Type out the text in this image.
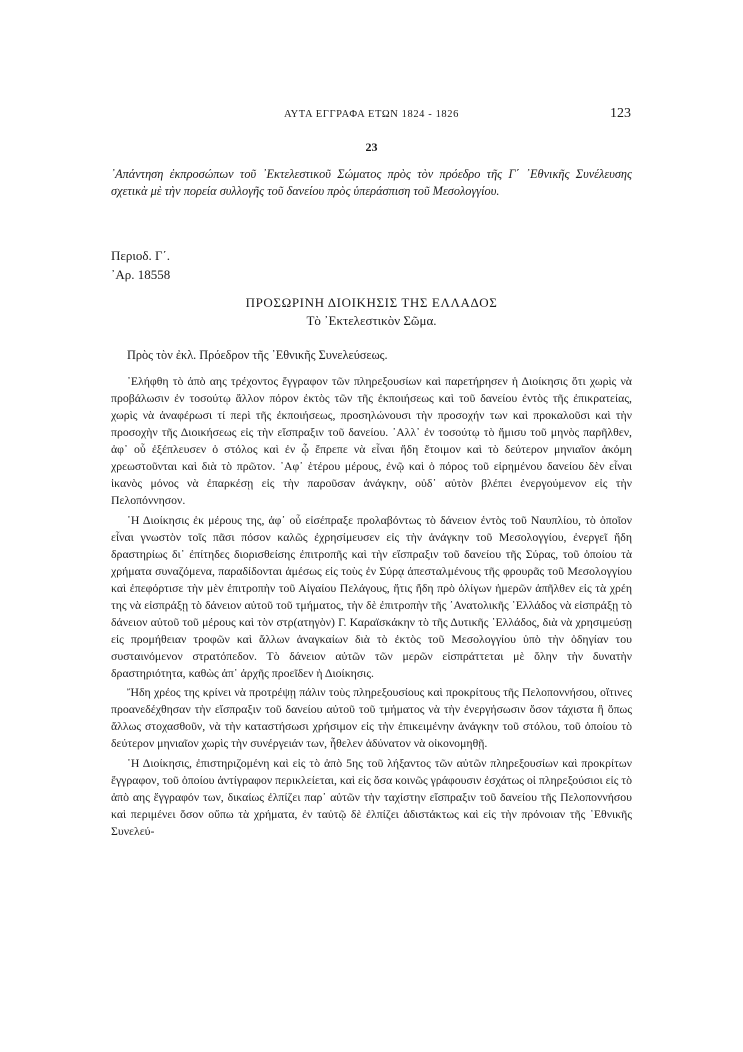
ΑΥΤΑ ΕΓΓΡΑΦΑ ΕΤΩΝ 1824 - 1826	123
23
᾿Απάντηση ἐκπροσώπων τοῦ ᾿Εκτελεστικοῦ Σώματος πρὸς τὸν πρόεδρο τῆς Γ΄ ᾿Εθνικῆς Συνέλευσης σχετικὰ μὲ τὴν πορεία συλλογῆς τοῦ δανείου πρὸς ὑπεράσπιση τοῦ Μεσολογγίου.
Περιοδ. Γ΄.
᾿Αρ. 18558
ΠΡΟΣΩΡΙΝΗ ΔΙΟΙΚΗΣΙΣ ΤΗΣ ΕΛΛΑΔΟΣ
Τὸ ᾿Εκτελεστικὸν Σῶμα.
Πρὸς τὸν ἐκλ. Πρόεδρον τῆς ᾿Εθνικῆς Συνελεύσεως.

᾿Ελήφθη τὸ ἀπὸ αης τρέχοντος ἔγγραφον τῶν πληρεξουσίων καὶ παρετήρησεν ἡ Διοίκησις ὅτι χωρὶς νὰ προβάλωσιν ἐν τοσούτῳ ἄλλον πόρον ἐκτὸς τῶν τῆς ἐκποιήσεως καὶ τοῦ δανείου ἐντὸς τῆς ἐπικρατείας, χωρὶς νὰ ἀναφέρωσι τί περὶ τῆς ἐκποιήσεως, προσηλώνουσι τὴν προσοχήν των καὶ προκαλοῦσι καὶ τὴν προσοχὴν τῆς Διοικήσεως εἰς τὴν εἴσπραξιν τοῦ δανείου. ᾿Αλλ᾿ ἐν τοσούτῳ τὸ ἥμισυ τοῦ μηνὸς παρῆλθεν, ἀφ᾿ οὗ ἐξέπλευσεν ὁ στόλος καὶ ἐν ᾧ ἔπρεπε νὰ εἶναι ἤδη ἕτοιμον καὶ τὸ δεύτερον μηνιαῖον ἀκόμη χρεωστοῦνται καὶ διὰ τὸ πρῶτον. ᾿Αφ᾿ ἑτέρου μέρους, ἐνῷ καὶ ὁ πόρος τοῦ εἰρημένου δανείου δὲν εἶναι ἱκανὸς μόνος νὰ ἐπαρκέσῃ εἰς τὴν παροῦσαν ἀνάγκην, οὐδ᾿ αὐτὸν βλέπει ἐνεργούμενον εἰς τὴν Πελοπόννησον.

῾Η Διοίκησις ἐκ μέρους της, ἀφ᾿ οὗ εἰσέπραξε προλαβόντως τὸ δάνειον ἐντὸς τοῦ Ναυπλίου, τὸ ὁποῖον εἶναι γνωστὸν τοῖς πᾶσι πόσον καλῶς ἐχρησίμευσεν εἰς τὴν ἀνάγκην τοῦ Μεσολογγίου, ἐνεργεῖ ἤδη δραστηρίως δι᾿ ἐπίτηδες διορισθείσης ἐπιτροπῆς καὶ τὴν εἴσπραξιν τοῦ δανείου τῆς Σύρας, τοῦ ὁποίου τὰ χρήματα συναζόμενα, παραδίδονται ἀμέσως εἰς τοὺς ἐν Σύρᾳ ἀπεσταλμένους τῆς φρουρᾶς τοῦ Μεσολογγίου καὶ ἐπεφόρτισε τὴν μὲν ἐπιτροπὴν τοῦ Αἰγαίου Πελάγους, ἥτις ἤδη πρὸ ὀλίγων ἡμερῶν ἀπῆλθεν εἰς τὰ χρέη της νὰ εἰσπράξῃ τὸ δάνειον αὐτοῦ τοῦ τμήματος, τὴν δὲ ἐπιτροπὴν τῆς ᾿Ανατολικῆς ῾Ελλάδος νὰ εἰσπράξῃ τὸ δάνειον αὐτοῦ τοῦ μέρους καὶ τὸν στρ(ατηγὸν) Γ. Καραϊσκάκην τὸ τῆς Δυτικῆς ῾Ελλάδος, διὰ νὰ χρησιμεύσῃ εἰς προμήθειαν τροφῶν καὶ ἄλλων ἀναγκαίων διὰ τὸ ἐκτὸς τοῦ Μεσολογγίου ὑπὸ τὴν ὁδηγίαν του συσταινόμενον στρατόπεδον. Τὸ δάνειον αὐτῶν τῶν μερῶν εἰσπράττεται μὲ ὅλην τὴν δυνατὴν δραστηριότητα, καθὼς ἀπ᾿ ἀρχῆς προεῖδεν ἡ Διοίκησις.

Ἤδη χρέος της κρίνει νὰ προτρέψῃ πάλιν τοὺς πληρεξουσίους καὶ προκρίτους τῆς Πελοποννήσου, οἵτινες προανεδέχθησαν τὴν εἴσπραξιν τοῦ δανείου αὐτοῦ τοῦ τμήματος νὰ τὴν ἐνεργήσωσιν ὅσον τάχιστα ἢ ὅπως ἄλλως στοχασθοῦν, νὰ τὴν καταστήσωσι χρήσιμον εἰς τὴν ἐπικειμένην ἀνάγκην τοῦ στόλου, τοῦ ὁποίου τὸ δεύτερον μηνιαῖον χωρὶς τὴν συνέργειάν των, ἦθελεν ἀδύνατον νὰ οἰκονομηθῇ.

῾Η Διοίκησις, ἐπιστηριζομένη καὶ εἰς τὸ ἀπὸ 5ης τοῦ λήξαντος τῶν αὐτῶν πληρεξουσίων καὶ προκρίτων ἔγγραφον, τοῦ ὁποίου ἀντίγραφον περικλείεται, καὶ εἰς ὅσα κοινῶς γράφουσιν ἐσχάτως οἱ πληρεξούσιοι εἰς τὸ ἀπὸ αης ἔγγραφόν των, δικαίως ἐλπίζει παρ᾿ αὐτῶν τὴν ταχίστην εἴσπραξιν τοῦ δανείου τῆς Πελοποννήσου καὶ περιμένει ὅσον οὔπω τὰ χρήματα, ἐν ταὐτῷ δὲ ἐλπίζει ἀδιστάκτως καὶ εἰς τὴν πρόνοιαν τῆς ᾿Εθνικῆς Συνελεύ-
